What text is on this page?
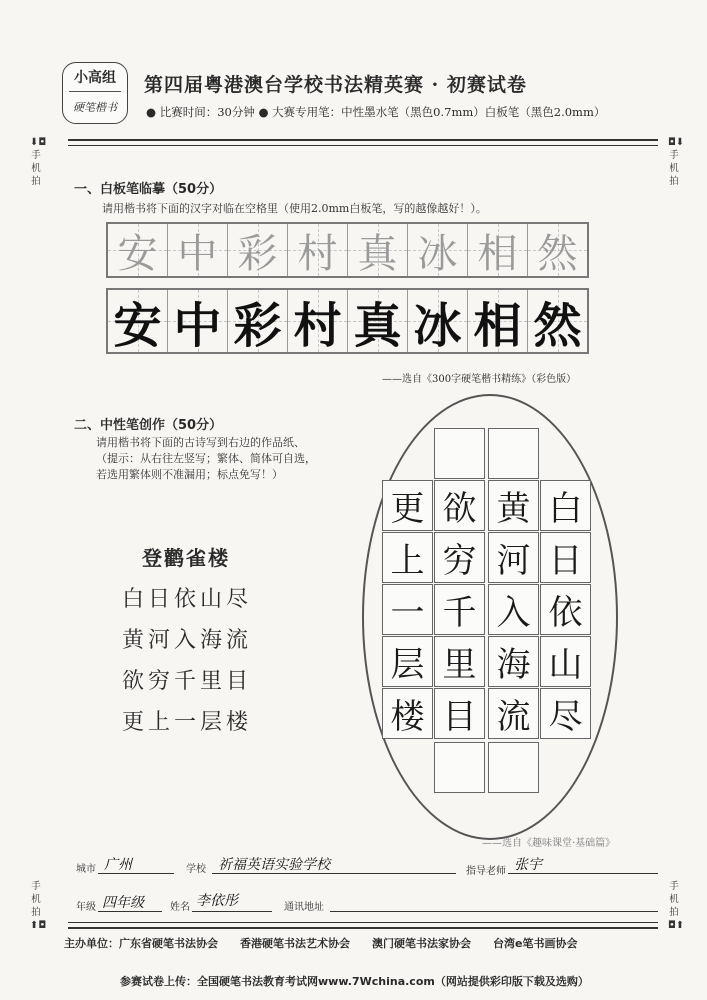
小高组
硬笔楷书
第四届粤港澳台学校书法精英赛 · 初赛试卷
● 比赛时间：30分钟 ● 大赛专用笔：中性墨水笔（黑色0.7mm）白板笔（黑色2.0mm）
⬇◘
手机拍
◘⬇
手机拍
手机拍
⬆◘
手机拍
◘⬆
一、白板笔临摹（50分）
请用楷书将下面的汉字对临在空格里（使用2.0mm白板笔，写的越像越好！）。
安 中 彩 村 真 冰 相 然
安 中 彩 村 真 冰 相 然
——选自《300字硬笔楷书精练》（彩色版）
二、中性笔创作（50分）
请用楷书将下面的古诗写到右边的作品纸、
（提示：从右往左竖写；繁体、简体可自选，
若选用繁体则不准漏用；标点免写！）
登鹳雀楼
白日依山尽
黄河入海流
欲穷千里目
更上一层楼
白
日
依
山
尽
黄
河
入
海
流
欲
穷
千
里
目
更
上
一
层
楼
——选自《趣味课堂·基础篇》
城市 广州	学校 祈福英语实验学校	指导老师 张宇
年级 四年级	姓名 李依彤	通讯地址
主办单位：广东省硬笔书法协会　　香港硬笔书法艺术协会　　澳门硬笔书法家协会　　台湾e笔书画协会
参赛试卷上传：全国硬笔书法教育考试网www.7Wchina.com（网站提供彩印版下载及选购）
